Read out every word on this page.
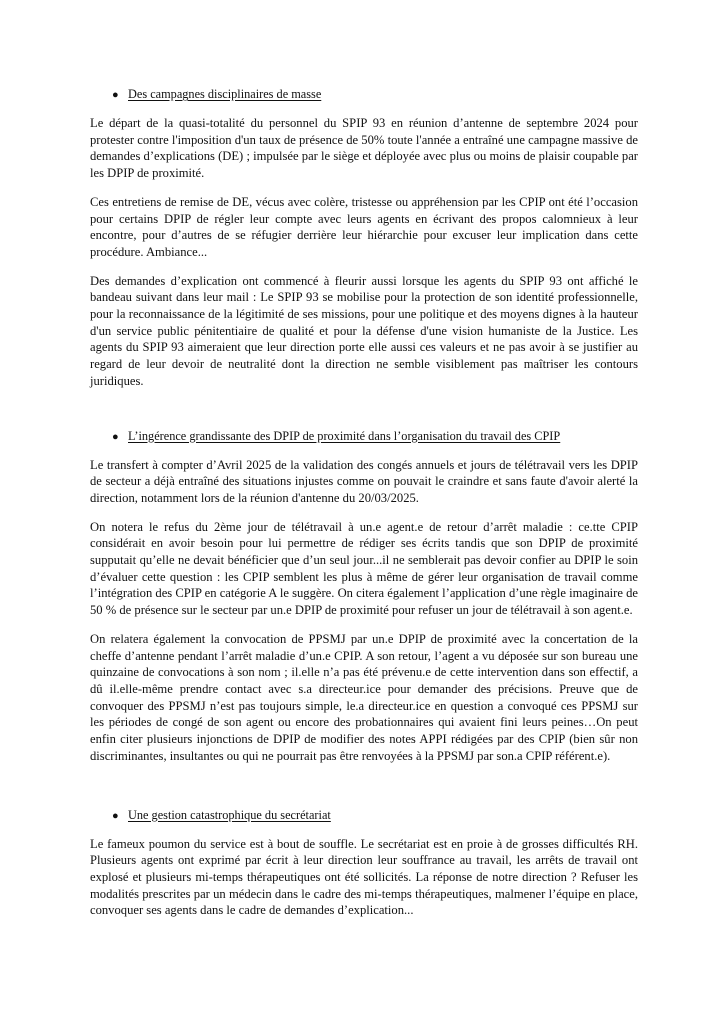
● Des campagnes disciplinaires de masse

Le départ de la quasi-totalité du personnel du SPIP 93 en réunion d’antenne de septembre 2024 pour protester contre l'imposition d'un taux de présence de 50% toute l'année a entraîné une campagne massive de demandes d’explications (DE) ; impulsée par le siège et déployée avec plus ou moins de plaisir coupable par les DPIP de proximité.

Ces entretiens de remise de DE, vécus avec colère, tristesse ou appréhension par les CPIP ont été l’occasion pour certains DPIP de régler leur compte avec leurs agents en écrivant des propos calomnieux à leur encontre, pour d’autres de se réfugier derrière leur hiérarchie pour excuser leur implication dans cette procédure. Ambiance...

Des demandes d’explication ont commencé à fleurir aussi lorsque les agents du SPIP 93 ont affiché le bandeau suivant dans leur mail : Le SPIP 93 se mobilise pour la protection de son identité professionnelle, pour la reconnaissance de la légitimité de ses missions, pour une politique et des moyens dignes à la hauteur d'un service public pénitentiaire de qualité et pour la défense d'une vision humaniste de la Justice. Les agents du SPIP 93 aimeraient que leur direction porte elle aussi ces valeurs et ne pas avoir à se justifier au regard de leur devoir de neutralité dont la direction ne semble visiblement pas maîtriser les contours juridiques.

● L’ingérence grandissante des DPIP de proximité dans l’organisation du travail des CPIP

Le transfert à compter d’Avril 2025 de la validation des congés annuels et jours de télétravail vers les DPIP de secteur a déjà entraîné des situations injustes comme on pouvait le craindre et sans faute d'avoir alerté la direction, notamment lors de la réunion d'antenne du 20/03/2025.

On notera le refus du 2ème jour de télétravail à un.e agent.e de retour d’arrêt maladie : ce.tte CPIP considérait en avoir besoin pour lui permettre de rédiger ses écrits tandis que son DPIP de proximité supputait qu’elle ne devait bénéficier que d’un seul jour...il ne semblerait pas devoir confier au DPIP le soin d’évaluer cette question : les CPIP semblent les plus à même de gérer leur organisation de travail comme l’intégration des CPIP en catégorie A le suggère. On citera également l’application d’une règle imaginaire de 50 % de présence sur le secteur par un.e DPIP de proximité pour refuser un jour de télétravail à son agent.e.

On relatera également la convocation de PPSMJ par un.e DPIP de proximité avec la concertation de la cheffe d’antenne pendant l’arrêt maladie d’un.e CPIP. A son retour, l’agent a vu déposée sur son bureau une quinzaine de convocations à son nom ; il.elle n’a pas été prévenu.e de cette intervention dans son effectif, a dû il.elle-même prendre contact avec s.a directeur.ice pour demander des précisions. Preuve que de convoquer des PPSMJ n’est pas toujours simple, le.a directeur.ice en question a convoqué ces PPSMJ sur les périodes de congé de son agent ou encore des probationnaires qui avaient fini leurs peines…On peut enfin citer plusieurs injonctions de DPIP de modifier des notes APPI rédigées par des CPIP (bien sûr non discriminantes, insultantes ou qui ne pourrait pas être renvoyées à la PPSMJ par son.a CPIP référent.e).

● Une gestion catastrophique du secrétariat

Le fameux poumon du service est à bout de souffle. Le secrétariat est en proie à de grosses difficultés RH. Plusieurs agents ont exprimé par écrit à leur direction leur souffrance au travail, les arrêts de travail ont explosé et plusieurs mi-temps thérapeutiques ont été sollicités. La réponse de notre direction ? Refuser les modalités prescrites par un médecin dans le cadre des mi-temps thérapeutiques, malmener l’équipe en place, convoquer ses agents dans le cadre de demandes d’explication...
